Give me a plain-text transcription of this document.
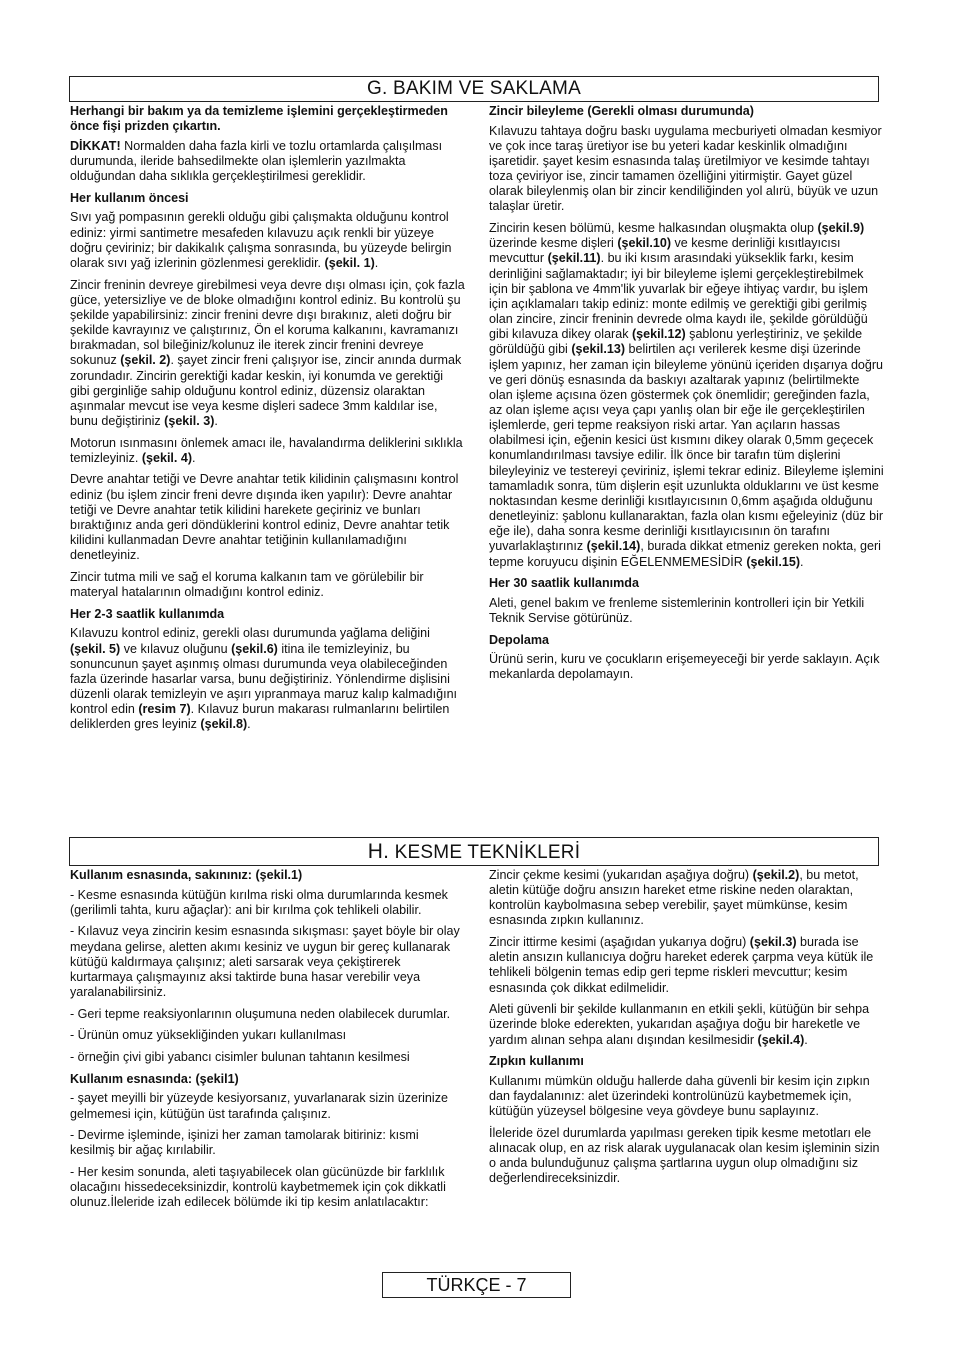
G. BAKIM VE SAKLAMA

Herhangi bir bakım ya da temizleme işlemini gerçekleştirmeden önce fişi prizden çıkartın.

DİKKAT! Normalden daha fazla kirli ve tozlu ortamlarda çalışılması durumunda, ileride bahsedilmekte olan işlemlerin yazılmakta olduğundan daha sıklıkla gerçekleştirilmesi gereklidir.

Her kullanım öncesi

Sıvı yağ pompasının gerekli olduğu gibi çalışmakta olduğunu kontrol ediniz: yirmi santimetre mesafeden kılavuzu açık renkli bir yüzeye doğru çeviriniz; bir dakikalık çalışma sonrasında, bu yüzeyde belirgin olarak sıvı yağ izlerinin gözlenmesi gereklidir. (şekil. 1).

Zincir freninin devreye girebilmesi veya devre dışı olması için, çok fazla güce, yetersizliye ve de bloke olmadığını kontrol ediniz. Bu kontrolü şu şekilde yapabilirsiniz: zincir frenini devre dışı bırakınız, aleti doğru bir şekilde kavrayınız ve çalıştırınız, Ön el koruma kalkanını, kavramanızı bırakmadan, sol bileğiniz/kolunuz ile iterek zincir frenini devreye sokunuz (şekil. 2). şayet zincir freni çalışıyor ise, zincir anında durmak zorundadır. Zincirin gerektiği kadar keskin, iyi konumda ve gerektiği gibi gerginliğe sahip olduğunu kontrol ediniz, düzensiz olaraktan aşınmalar mevcut ise veya kesme dişleri sadece 3mm kaldılar ise, bunu değiştiriniz (şekil. 3).

Motorun ısınmasını önlemek amacı ile, havalandırma deliklerini sıklıkla temizleyiniz. (şekil. 4).

Devre anahtar tetiği ve Devre anahtar tetik kilidinin çalışmasını kontrol ediniz (bu işlem zincir freni devre dışında iken yapılır): Devre anahtar tetiği ve Devre anahtar tetik kilidini harekete geçiriniz ve bunları bıraktığınız anda geri döndüklerini kontrol ediniz, Devre anahtar tetik kilidini kullanmadan Devre anahtar tetiğinin kullanılamadığını denetleyiniz.

Zincir tutma mili ve sağ el koruma kalkanın tam ve görülebilir bir materyal hatalarının olmadığını kontrol ediniz.

Her 2-3 saatlik kullanımda

Kılavuzu kontrol ediniz, gerekli olası durumunda yağlama deliğini (şekil. 5) ve kılavuz oluğunu (şekil.6) itina ile temizleyiniz, bu sonuncunun şayet aşınmış olması durumunda veya olabileceğinden fazla üzerinde hasarlar varsa, bunu değiştiriniz. Yönlendirme dişlisini düzenli olarak temizleyin ve aşırı yıpranmaya maruz kalıp kalmadığını kontrol edin (resim 7). Kılavuz burun makarası rulmanlarını belirtilen deliklerden gres leyiniz (şekil.8).

Zincir bileyleme (Gerekli olması durumunda)

Kılavuzu tahtaya doğru baskı uygulama mecburiyeti olmadan kesmiyor ve çok ince taraş üretiyor ise bu yeteri kadar keskinlik olmadığını işaretidir. şayet kesim esnasında talaş üretilmiyor ve kesimde tahtayı toza çeviriyor ise, zincir tamamen özelliğini yitirmiştir. Gayet güzel olarak bileylenmiş olan bir zincir kendiliğinden yol alırü, büyük ve uzun talaşlar üretir.

Zincirin kesen bölümü, kesme halkasından oluşmakta olup (şekil.9) üzerinde kesme dişleri (şekil.10) ve kesme derinliği kısıtlayıcısı mevcuttur (şekil.11). bu iki kısım arasındaki yükseklik farkı, kesim derinliğini sağlamaktadır; iyi bir bileyleme işlemi gerçekleştirebilmek için bir şablona ve 4mm'lik yuvarlak bir eğeye ihtiyaç vardır, bu işlem için açıklamaları takip ediniz: monte edilmiş ve gerektiği gibi gerilmiş olan zincire, zincir freninin devrede olma kaydı ile, şekilde görüldüğü gibi kılavuza dikey olarak (şekil.12) şablonu yerleştiriniz, ve şekilde görüldüğü gibi (şekil.13) belirtilen açı verilerek kesme dişi üzerinde işlem yapınız, her zaman için bileyleme yönünü içeriden dışarıya doğru ve geri dönüş esnasında da baskıyı azaltarak yapınız (belirtilmekte olan işleme açısına özen göstermek çok önemlidir; gereğinden fazla, az olan işleme açısı veya çapı yanlış olan bir eğe ile gerçekleştirilen işlemlerde, geri tepme reaksiyon riski artar. Yan açıların hassas olabilmesi için, eğenin kesici üst kısmını dikey olarak 0,5mm geçecek konumlandırılması tavsiye edilir. İlk önce bir tarafın tüm dişlerini bileyleyiniz ve testereyi çeviriniz, işlemi tekrar ediniz. Bileyleme işlemini tamamladık sonra, tüm dişlerin eşit uzunlukta olduklarını ve üst kesme noktasından kesme derinliği kısıtlayıcısının 0,6mm aşağıda olduğunu denetleyiniz: şablonu kullanaraktan, fazla olan kısmı eğeleyiniz (düz bir eğe ile), daha sonra kesme derinliği kısıtlayıcısının ön tarafını yuvarlaklaştırınız (şekil.14), burada dikkat etmeniz gereken nokta, geri tepme koruyucu dişinin EĞELENMEMESİDİR (şekil.15).

Her 30 saatlik kullanımda

Aleti, genel bakım ve frenleme sistemlerinin kontrolleri için bir Yetkili Teknik Servise götürünüz.

Depolama

Ürünü serin, kuru ve çocukların erişemeyeceği bir yerde saklayın. Açık mekanlarda depolamayın.

H. KESME TEKNİKLERİ

Kullanım esnasında, sakınınız: (şekil.1)

- Kesme esnasında kütüğün kırılma riski olma durumlarında kesmek (gerilimli tahta, kuru ağaçlar): ani bir kırılma çok tehlikeli olabilir.

- Kılavuz veya zincirin kesim esnasında sıkışması: şayet böyle bir olay meydana gelirse, aletten akımı kesiniz ve uygun bir gereç kullanarak kütüğü kaldırmaya çalışınız; aleti sarsarak veya çekiştirerek kurtarmaya çalışmayınız aksi taktirde buna hasar verebilir veya yaralanabilirsiniz.

- Geri tepme reaksiyonlarının oluşumuna neden olabilecek durumlar.

- Ürünün omuz yüksekliğinden yukarı kullanılması

- örneğin çivi gibi yabancı cisimler bulunan tahtanın kesilmesi

Kullanım esnasında: (şekil1)

- şayet meyilli bir yüzeyde kesiyorsanız, yuvarlanarak sizin üzerinize gelmemesi için, kütüğün üst tarafında çalışınız.

- Devirme işleminde, işinizi her zaman tamolarak bitiriniz: kısmi kesilmiş bir ağaç kırılabilir.

- Her kesim sonunda, aleti taşıyabilecek olan gücünüzde bir farklılık olacağını hissedeceksinizdir, kontrolü kaybetmemek için çok dikkatli olunuz.İleleride izah edilecek bölümde iki tip kesim anlatılacaktır:

Zincir çekme kesimi (yukarıdan aşağıya doğru) (şekil.2), bu metot, aletin kütüğe doğru ansızın hareket etme riskine neden olaraktan, kontrolün kaybolmasına sebep verebilir, şayet mümkünse, kesim esnasında zıpkın kullanınız.

Zincir ittirme kesimi (aşağıdan yukarıya doğru) (şekil.3) burada ise aletin ansızın kullanıcıya doğru hareket ederek çarpma veya kütük ile tehlikeli bölgenin temas edip geri tepme riskleri mevcuttur; kesim esnasında çok dikkat edilmelidir.

Aleti güvenli bir şekilde kullanmanın en etkili şekli, kütüğün bir sehpa üzerinde bloke ederekten, yukarıdan aşağıya doğu bir hareketle ve yardım alınan sehpa alanı dışından kesilmesidir (şekil.4).

Zıpkın kullanımı

Kullanımı mümkün olduğu hallerde daha güvenli bir kesim için zıpkın dan faydalanınız: alet üzerindeki kontrolünüzü kaybetmemek için, kütüğün yüzeysel bölgesine veya gövdeye bunu saplayınız.

İleleride özel durumlarda yapılması gereken tipik kesme metotları ele alınacak olup, en az risk alarak uygulanacak olan kesim işleminin sizin o anda bulunduğunuz çalışma şartlarına uygun olup olmadığını siz değerlendireceksinizdir.

TÜRKÇE - 7
